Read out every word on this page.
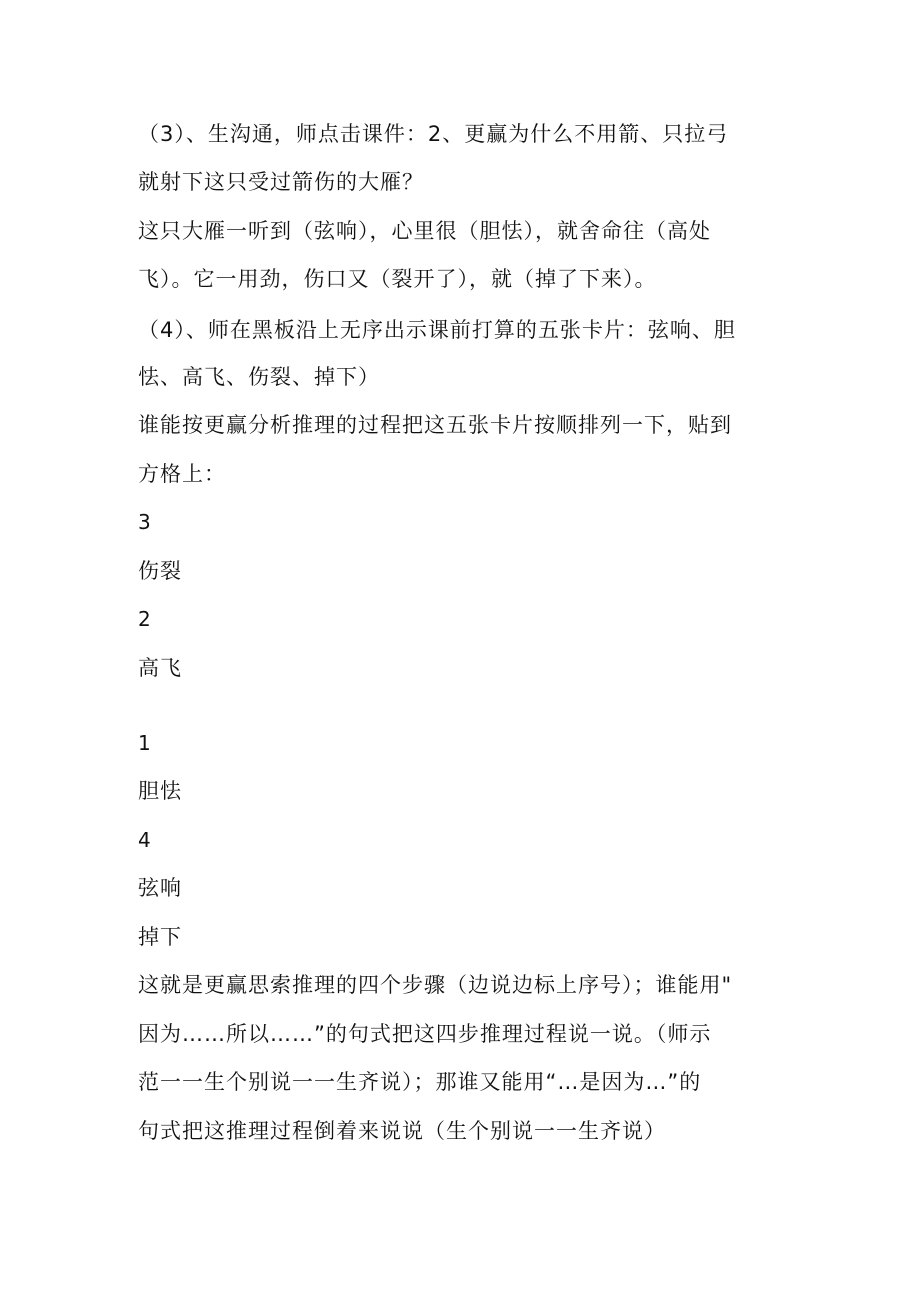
（3）、生沟通，师点击课件：2、更赢为什么不用箭、只拉弓
就射下这只受过箭伤的大雁？
这只大雁一听到（弦响），心里很（胆怯），就舍命往（高处
飞）。它一用劲，伤口又（裂开了），就（掉了下来）。
（4）、师在黑板沿上无序出示课前打算的五张卡片：弦响、胆
怯、高飞、伤裂、掉下）
谁能按更赢分析推理的过程把这五张卡片按顺排列一下，贴到
方格上：
3
伤裂
2
高飞
1
胆怯
4
弦响
掉下
这就是更赢思索推理的四个步骤（边说边标上序号）；谁能用"
因为……所以……”的句式把这四步推理过程说一说。（师示
范一一生个别说一一生齐说）；那谁又能用“…是因为…”的
句式把这推理过程倒着来说说（生个别说一一生齐说）
